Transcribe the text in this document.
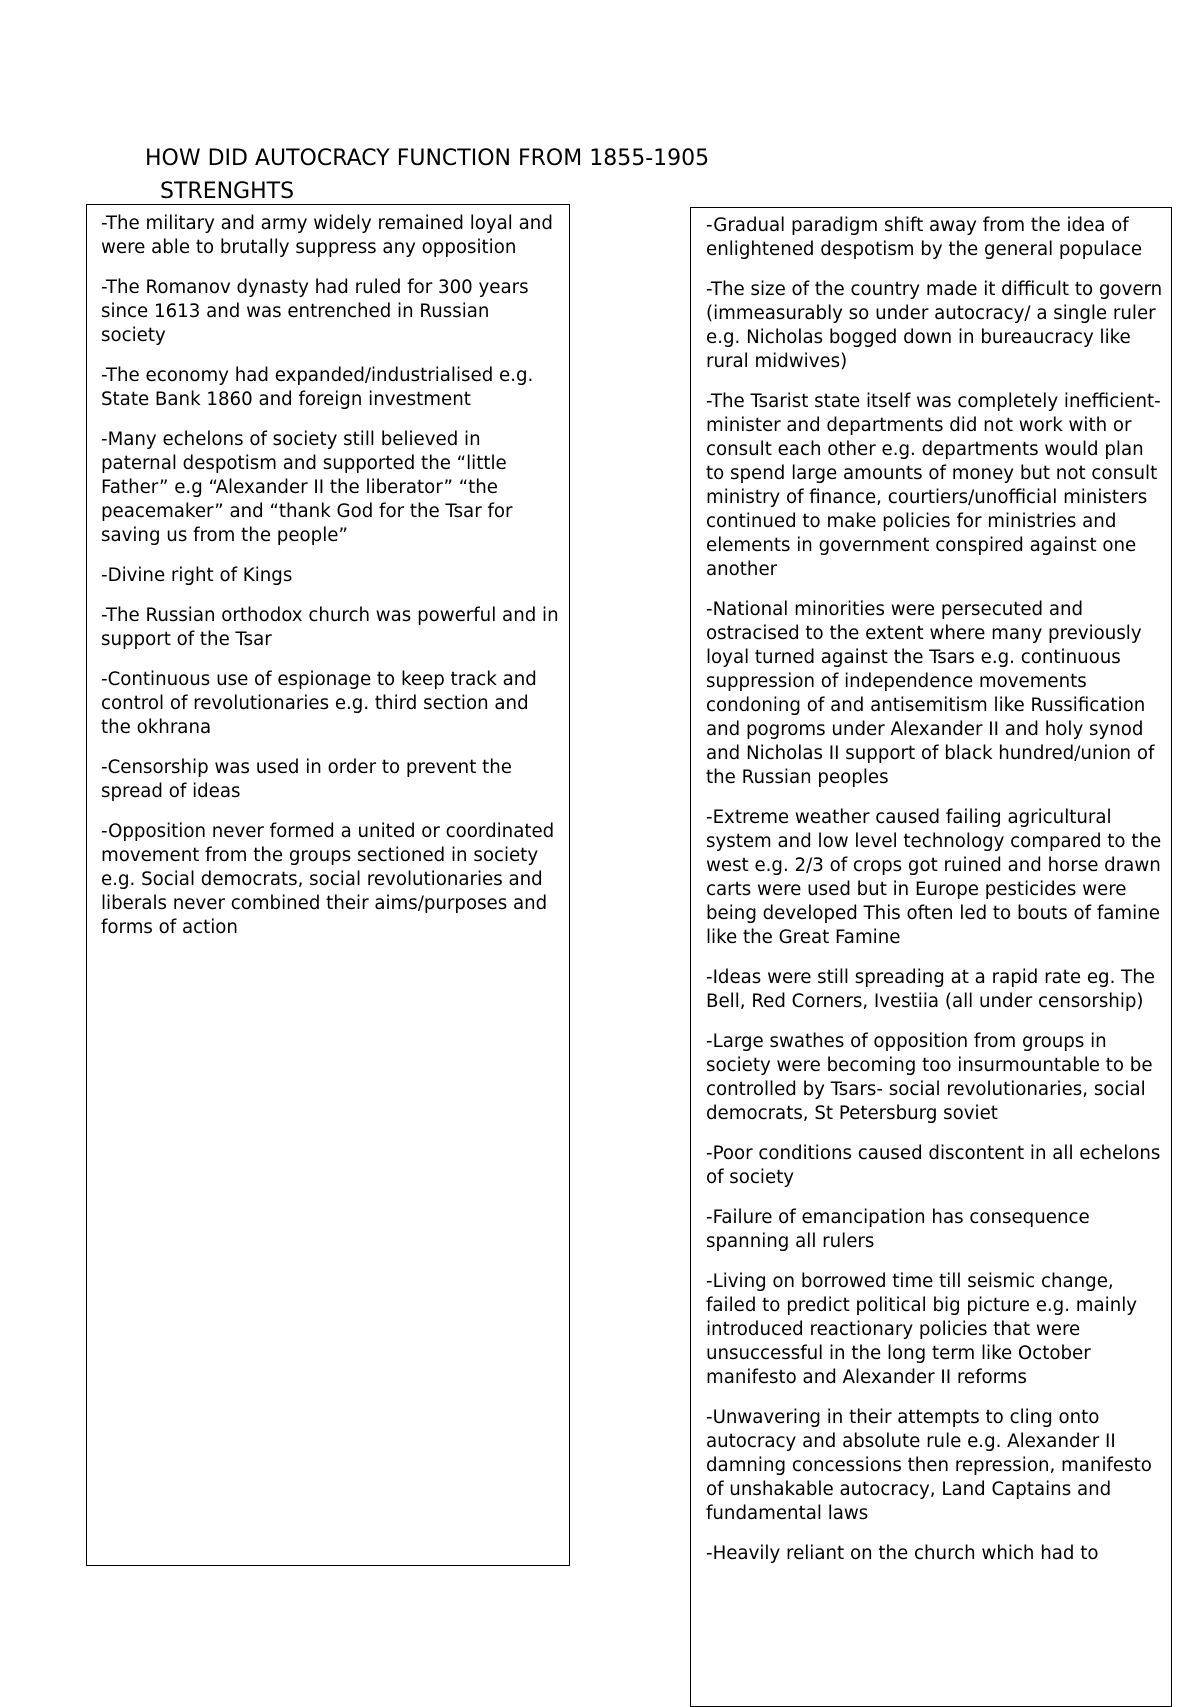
HOW DID AUTOCRACY FUNCTION FROM 1855-1905
STRENGHTS

-The military and army widely remained loyal and were able to brutally suppress any opposition

-The Romanov dynasty had ruled for 300 years since 1613 and was entrenched in Russian society

-The economy had expanded/industrialised e.g. State Bank 1860 and foreign investment

-Many echelons of society still believed in paternal despotism and supported the “little Father” e.g “Alexander II the liberator” “the peacemaker” and “thank God for the Tsar for saving us from the people”

-Divine right of Kings

-The Russian orthodox church was powerful and in support of the Tsar

-Continuous use of espionage to keep track and control of revolutionaries e.g. third section and the okhrana

-Censorship was used in order to prevent the spread of ideas

-Opposition never formed a united or coordinated movement from the groups sectioned in society e.g. Social democrats, social revolutionaries and liberals never combined their aims/purposes and forms of action

-Gradual paradigm shift away from the idea of enlightened despotism by the general populace

-The size of the country made it difficult to govern (immeasurably so under autocracy/ a single ruler e.g. Nicholas bogged down in bureaucracy like rural midwives)

-The Tsarist state itself was completely inefficient- minister and departments did not work with or consult each other e.g. departments would plan to spend large amounts of money but not consult ministry of finance, courtiers/unofficial ministers continued to make policies for ministries and elements in government conspired against one another

-National minorities were persecuted and ostracised to the extent where many previously loyal turned against the Tsars e.g. continuous suppression of independence movements condoning of and antisemitism like Russification and pogroms under Alexander II and holy synod and Nicholas II support of black hundred/union of the Russian peoples

-Extreme weather caused failing agricultural system and low level technology compared to the west e.g. 2/3 of crops got ruined and horse drawn carts were used but in Europe pesticides were being developed This often led to bouts of famine like the Great Famine

-Ideas were still spreading at a rapid rate eg. The Bell, Red Corners, Ivestiia (all under censorship)

-Large swathes of opposition from groups in society were becoming too insurmountable to be controlled by Tsars- social revolutionaries, social democrats, St Petersburg soviet

-Poor conditions caused discontent in all echelons of society

-Failure of emancipation has consequence spanning all rulers

-Living on borrowed time till seismic change, failed to predict political big picture e.g. mainly introduced reactionary policies that were unsuccessful in the long term like October manifesto and Alexander II reforms

-Unwavering in their attempts to cling onto autocracy and absolute rule e.g. Alexander II damning concessions then repression, manifesto of unshakable autocracy, Land Captains and fundamental laws

-Heavily reliant on the church which had to
